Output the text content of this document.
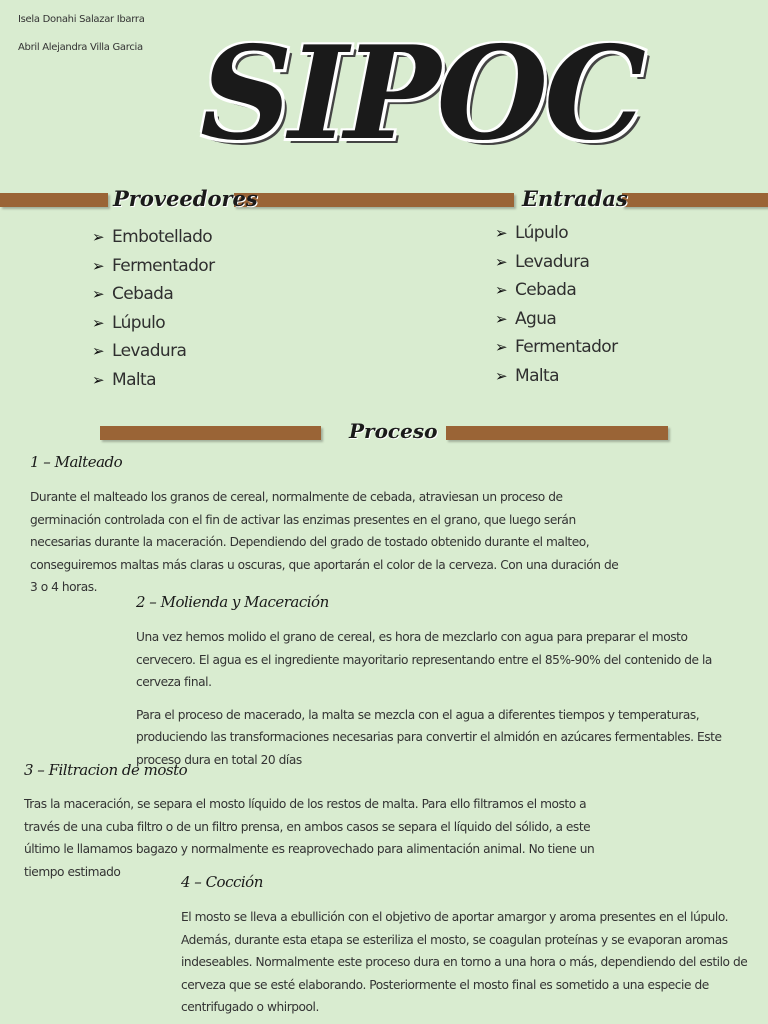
Isela Donahi Salazar Ibarra
Abril Alejandra Villa Garcia SIPOC
Proveedores	Entradas
➢ Embotellado
➢ Fermentador
➢ Cebada
➢ Lúpulo
➢ Levadura
➢ Malta
➢ Lúpulo
➢ Levadura
➢ Cebada
➢ Agua
➢ Fermentador
➢ Malta
Proceso
1 – Malteado

Durante el malteado los granos de cereal, normalmente de cebada, atraviesan un proceso de germinación controlada con el fin de activar las enzimas presentes en el grano, que luego serán necesarias durante la maceración. Dependiendo del grado de tostado obtenido durante el malteo, conseguiremos maltas más claras u oscuras, que aportarán el color de la cerveza. Con una duración de 3 o 4 horas.

2 – Molienda y Maceración

Una vez hemos molido el grano de cereal, es hora de mezclarlo con agua para preparar el mosto cervecero. El agua es el ingrediente mayoritario representando entre el 85%-90% del contenido de la cerveza final.

Para el proceso de macerado, la malta se mezcla con el agua a diferentes tiempos y temperaturas, produciendo las transformaciones necesarias para convertir el almidón en azúcares fermentables. Este proceso dura en total 20 días

3 – Filtracion de mosto

Tras la maceración, se separa el mosto líquido de los restos de malta. Para ello filtramos el mosto a través de una cuba filtro o de un filtro prensa, en ambos casos se separa el líquido del sólido, a este último le llamamos bagazo y normalmente es reaprovechado para alimentación animal. No tiene un tiempo estimado

4 – Cocción

El mosto se lleva a ebullición con el objetivo de aportar amargor y aroma presentes en el lúpulo. Además, durante esta etapa se esteriliza el mosto, se coagulan proteínas y se evaporan aromas indeseables. Normalmente este proceso dura en torno a una hora o más, dependiendo del estilo de cerveza que se esté elaborando. Posteriormente el mosto final es sometido a una especie de centrifugado o whirpool.
